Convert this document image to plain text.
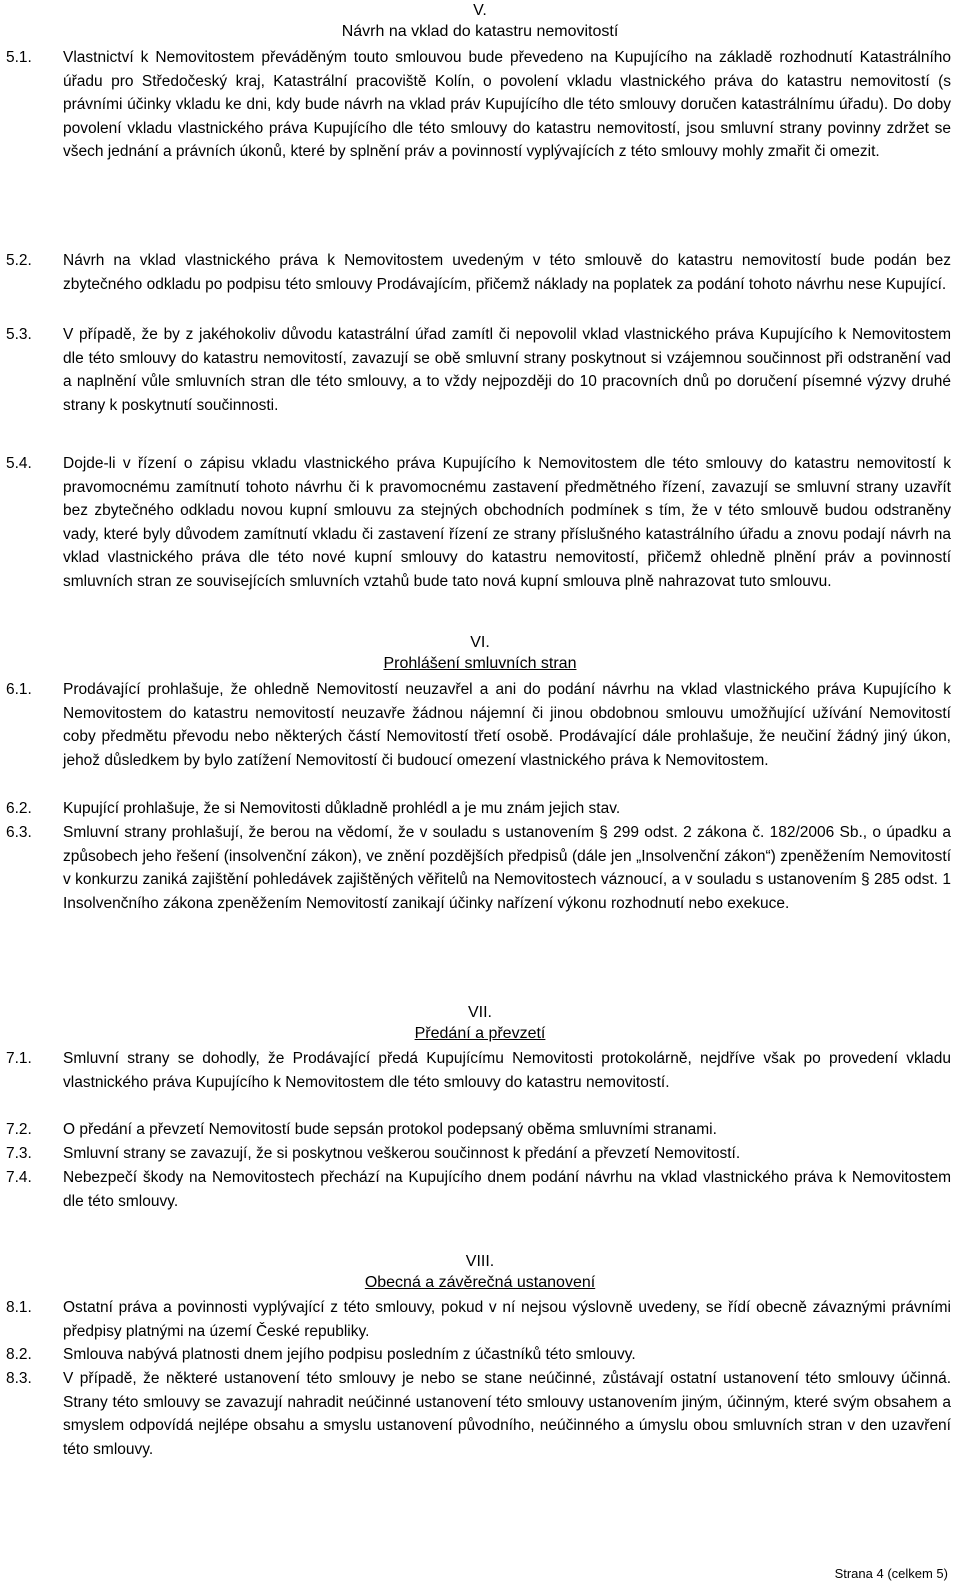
V.

Návrh na vklad do katastru nemovitostí

5.1.	Vlastnictví k Nemovitostem převáděným touto smlouvou bude převedeno na Kupujícího na základě rozhodnutí Katastrálního úřadu pro Středočeský kraj, Katastrální pracoviště Kolín, o povolení vkladu vlastnického práva do katastru nemovitostí (s právními účinky vkladu ke dni, kdy bude návrh na vklad práv Kupujícího dle této smlouvy doručen katastrálnímu úřadu). Do doby povolení vkladu vlastnického práva Kupujícího dle této smlouvy do katastru nemovitostí, jsou smluvní strany povinny zdržet se všech jednání a právních úkonů, které by splnění práv a povinností vyplývajících z této smlouvy mohly zmařit či omezit.
5.2.	Návrh na vklad vlastnického práva k Nemovitostem uvedeným v této smlouvě do katastru nemovitostí bude podán bez zbytečného odkladu po podpisu této smlouvy Prodávajícím, přičemž náklady na poplatek za podání tohoto návrhu nese Kupující.
5.3.	V případě, že by z jakéhokoliv důvodu katastrální úřad zamítl či nepovolil vklad vlastnického práva Kupujícího k Nemovitostem dle této smlouvy do katastru nemovitostí, zavazují se obě smluvní strany poskytnout si vzájemnou součinnost při odstranění vad a naplnění vůle smluvních stran dle této smlouvy, a to vždy nejpozději do 10 pracovních dnů po doručení písemné výzvy druhé strany k poskytnutí součinnosti.
5.4.	Dojde-li v řízení o zápisu vkladu vlastnického práva Kupujícího k Nemovitostem dle této smlouvy do katastru nemovitostí k pravomocnému zamítnutí tohoto návrhu či k pravomocnému zastavení předmětného řízení, zavazují se smluvní strany uzavřít bez zbytečného odkladu novou kupní smlouvu za stejných obchodních podmínek s tím, že v této smlouvě budou odstraněny vady, které byly důvodem zamítnutí vkladu či zastavení řízení ze strany příslušného katastrálního úřadu a znovu podají návrh na vklad vlastnického práva dle této nové kupní smlouvy do katastru nemovitostí, přičemž ohledně plnění práv a povinností smluvních stran ze souvisejících smluvních vztahů bude tato nová kupní smlouva plně nahrazovat tuto smlouvu.

VI.

Prohlášení smluvních stran

6.1.	Prodávající prohlašuje, že ohledně Nemovitostí neuzavřel a ani do podání návrhu na vklad vlastnického práva Kupujícího k Nemovitostem do katastru nemovitostí neuzavře žádnou nájemní či jinou obdobnou smlouvu umožňující užívání Nemovitostí coby předmětu převodu nebo některých částí Nemovitostí třetí osobě. Prodávající dále prohlašuje, že neučiní žádný jiný úkon, jehož důsledkem by bylo zatížení Nemovitostí či budoucí omezení vlastnického práva k Nemovitostem.
6.2.	Kupující prohlašuje, že si Nemovitosti důkladně prohlédl a je mu znám jejich stav.
6.3.	Smluvní strany prohlašují, že berou na vědomí, že v souladu s ustanovením § 299 odst. 2 zákona č. 182/2006 Sb., o úpadku a způsobech jeho řešení (insolvenční zákon), ve znění pozdějších předpisů (dále jen „Insolvenční zákon“) zpeněžením Nemovitostí v konkurzu zaniká zajištění pohledávek zajištěných věřitelů na Nemovitostech váznoucí, a v souladu s ustanovením § 285 odst. 1 Insolvenčního zákona zpeněžením Nemovitostí zanikají účinky nařízení výkonu rozhodnutí nebo exekuce.

VII.

Předání a převzetí

7.1.	Smluvní strany se dohodly, že Prodávající předá Kupujícímu Nemovitosti protokolárně, nejdříve však po provedení vkladu vlastnického práva Kupujícího k Nemovitostem dle této smlouvy do katastru nemovitostí.
7.2.	O předání a převzetí Nemovitostí bude sepsán protokol podepsaný oběma smluvními stranami.
7.3.	Smluvní strany se zavazují, že si poskytnou veškerou součinnost k předání a převzetí Nemovitostí.
7.4.	Nebezpečí škody na Nemovitostech přechází na Kupujícího dnem podání návrhu na vklad vlastnického práva k Nemovitostem dle této smlouvy.

VIII.

Obecná a závěrečná ustanovení

8.1.	Ostatní práva a povinnosti vyplývající z této smlouvy, pokud v ní nejsou výslovně uvedeny, se řídí obecně závaznými právními předpisy platnými na území České republiky.
8.2.	Smlouva nabývá platnosti dnem jejího podpisu posledním z účastníků této smlouvy.
8.3.	V případě, že některé ustanovení této smlouvy je nebo se stane neúčinné, zůstávají ostatní ustanovení této smlouvy účinná. Strany této smlouvy se zavazují nahradit neúčinné ustanovení této smlouvy ustanovením jiným, účinným, které svým obsahem a smyslem odpovídá nejlépe obsahu a smyslu ustanovení původního, neúčinného a úmyslu obou smluvních stran v den uzavření této smlouvy.
Strana 4 (celkem 5)
